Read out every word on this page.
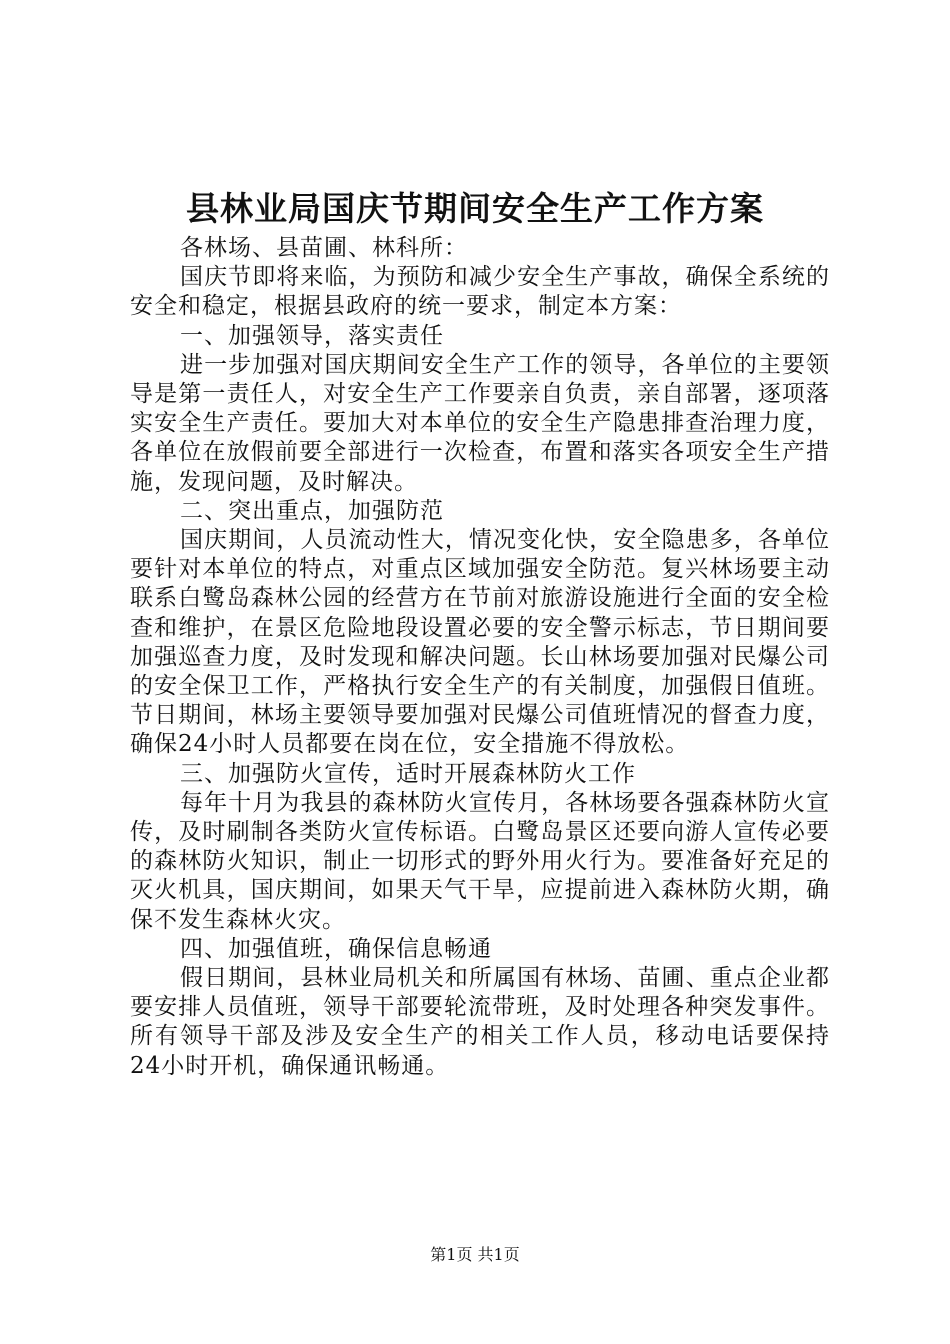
县林业局国庆节期间安全生产工作方案

各林场、县苗圃、林科所：

国庆节即将来临，为预防和减少安全生产事故，确保全系统的安全和稳定，根据县政府的统一要求，制定本方案：

一、加强领导，落实责任

进一步加强对国庆期间安全生产工作的领导，各单位的主要领导是第一责任人，对安全生产工作要亲自负责，亲自部署，逐项落实安全生产责任。要加大对本单位的安全生产隐患排查治理力度，各单位在放假前要全部进行一次检查，布置和落实各项安全生产措施，发现问题，及时解决。

二、突出重点，加强防范

国庆期间，人员流动性大，情况变化快，安全隐患多，各单位要针对本单位的特点，对重点区域加强安全防范。复兴林场要主动联系白鹭岛森林公园的经营方在节前对旅游设施进行全面的安全检查和维护，在景区危险地段设置必要的安全警示标志，节日期间要加强巡查力度，及时发现和解决问题。长山林场要加强对民爆公司的安全保卫工作，严格执行安全生产的有关制度，加强假日值班。节日期间，林场主要领导要加强对民爆公司值班情况的督查力度，确保24小时人员都要在岗在位，安全措施不得放松。

三、加强防火宣传，适时开展森林防火工作

每年十月为我县的森林防火宣传月，各林场要各强森林防火宣传，及时刷制各类防火宣传标语。白鹭岛景区还要向游人宣传必要的森林防火知识，制止一切形式的野外用火行为。要准备好充足的灭火机具，国庆期间，如果天气干旱，应提前进入森林防火期，确保不发生森林火灾。

四、加强值班，确保信息畅通

假日期间，县林业局机关和所属国有林场、苗圃、重点企业都要安排人员值班，领导干部要轮流带班，及时处理各种突发事件。所有领导干部及涉及安全生产的相关工作人员，移动电话要保持24小时开机，确保通讯畅通。

第1页 共1页
